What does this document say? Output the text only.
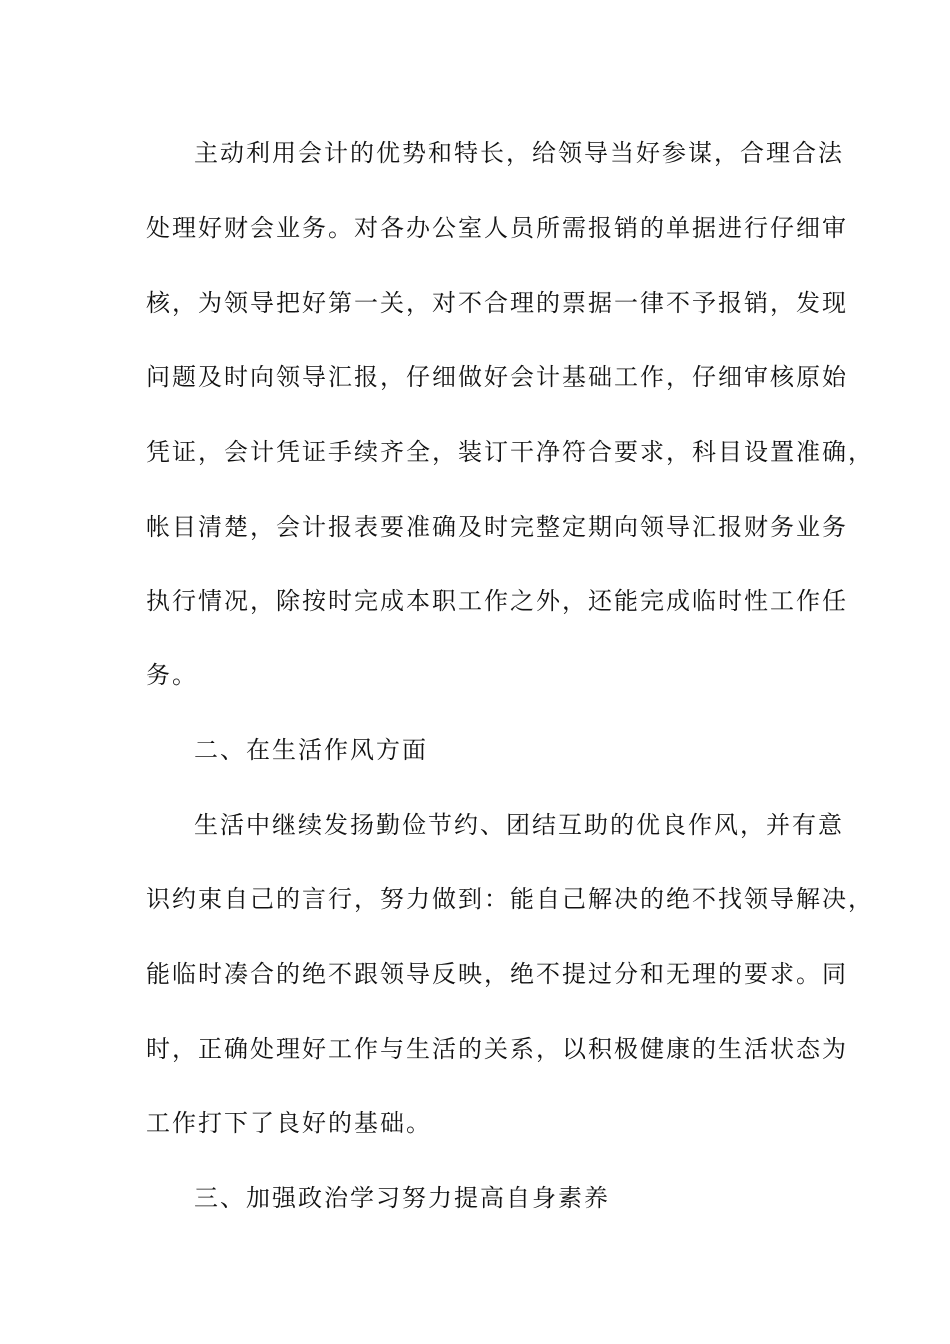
主动利用会计的优势和特长，给领导当好参谋，合理合法
处理好财会业务。对各办公室人员所需报销的单据进行仔细审
核，为领导把好第一关，对不合理的票据一律不予报销，发现
问题及时向领导汇报，仔细做好会计基础工作，仔细审核原始
凭证，会计凭证手续齐全，装订干净符合要求，科目设置准确，
帐目清楚，会计报表要准确及时完整定期向领导汇报财务业务
执行情况，除按时完成本职工作之外，还能完成临时性工作任
务。
二、在生活作风方面
生活中继续发扬勤俭节约、团结互助的优良作风，并有意
识约束自己的言行，努力做到：能自己解决的绝不找领导解决，
能临时凑合的绝不跟领导反映，绝不提过分和无理的要求。同
时，正确处理好工作与生活的关系，以积极健康的生活状态为
工作打下了良好的基础。
三、加强政治学习努力提高自身素养
